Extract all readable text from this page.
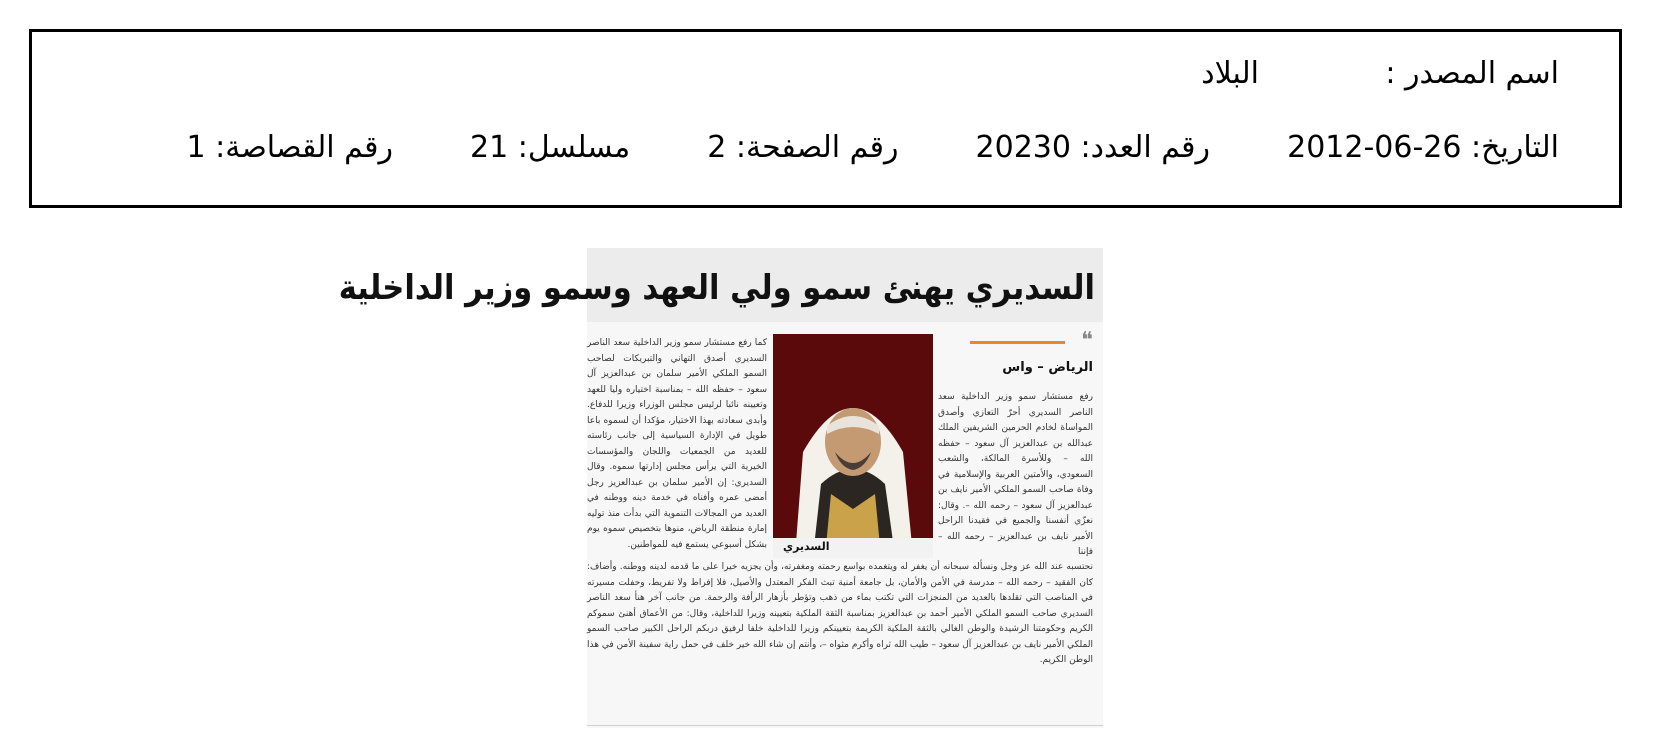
اسم المصدر :البلاد
التاريخ: 2012-06-26  رقم العدد: 20230  رقم الصفحة: 2  مسلسل: 21  رقم القصاصة: 1
السديري يهنئ سمو ولي العهد وسمو وزير الداخلية
❝
الرياض – واس
رفع مستشار سمو وزير الداخلية سعد الناصر السديري أحرّ التعازي وأصدق المواساة لخادم الحرمين الشريفين الملك عبدالله بن عبدالعزيز آل سعود – حفظه الله – وللأسرة المالكة، والشعب السعودي، والأمتين العربية والإسلامية في وفاة صاحب السمو الملكي الأمير نايف بن عبدالعزيز آل سعود – رحمه الله –. وقال: نعزّي أنفسنا والجميع في فقيدنا الراحل الأمير نايف بن عبدالعزيز – رحمه الله – فإننا
السديري
كما رفع مستشار سمو وزير الداخلية سعد الناصر السديري أصدق التهاني والتبريكات لصاحب السمو الملكي الأمير سلمان بن عبدالعزيز آل سعود – حفظه الله – بمناسبة اختياره وليا للعهد وتعيينه نائبا لرئيس مجلس الوزراء وزيرا للدفاع. وأبدى سعادته بهذا الاختيار، مؤكدا أن لسموه باعا طويل في الإدارة السياسية إلى جانب رئاسته للعديد من الجمعيات واللجان والمؤسسات الخيرية التي يرأس مجلس إدارتها سموه. وقال السديري: إن الأمير سلمان بن عبدالعزيز رجل أمضى عمره وأفناه في خدمة دينه ووطنه في العديد من المجالات التنموية التي بدأت منذ توليه إمارة منطقة الرياض، منوها بتخصيص سموه يوم بشكل أسبوعي يستمع فيه للمواطنين.
نحتسبه عند الله عز وجل ونسأله سبحانه أن يغفر له ويتغمده بواسع رحمته ومغفرته، وأن يجزيه خيرا على ما قدمه لدينه ووطنه. وأضاف: كان الفقيد – رحمه الله – مدرسة في الأمن والأمان، بل جامعة أمنية تبث الفكر المعتدل والأصيل، فلا إفراط ولا تفريط، وحفلت مسيرته في المناصب التي تقلدها بالعديد من المنجزات التي تكتب بماء من ذهب وتؤطر بأزهار الرأفة والرحمة. من جانب آخر هنأ سعد الناصر السديري صاحب السمو الملكي الأمير أحمد بن عبدالعزيز بمناسبة الثقة الملكية بتعيينه وزيرا للداخلية، وقال: من الأعماق أهنئ سموكم الكريم وحكومتنا الرشيدة والوطن الغالي بالثقة الملكية الكريمة بتعيينكم وزيرا للداخلية خلفا لرفيق دربكم الراحل الكبير صاحب السمو الملكي الأمير نايف بن عبدالعزيز آل سعود – طيب الله ثراه وأكرم مثواه –، وأنتم إن شاء الله خير خلف في حمل راية سفينة الأمن في هذا الوطن الكريم.
